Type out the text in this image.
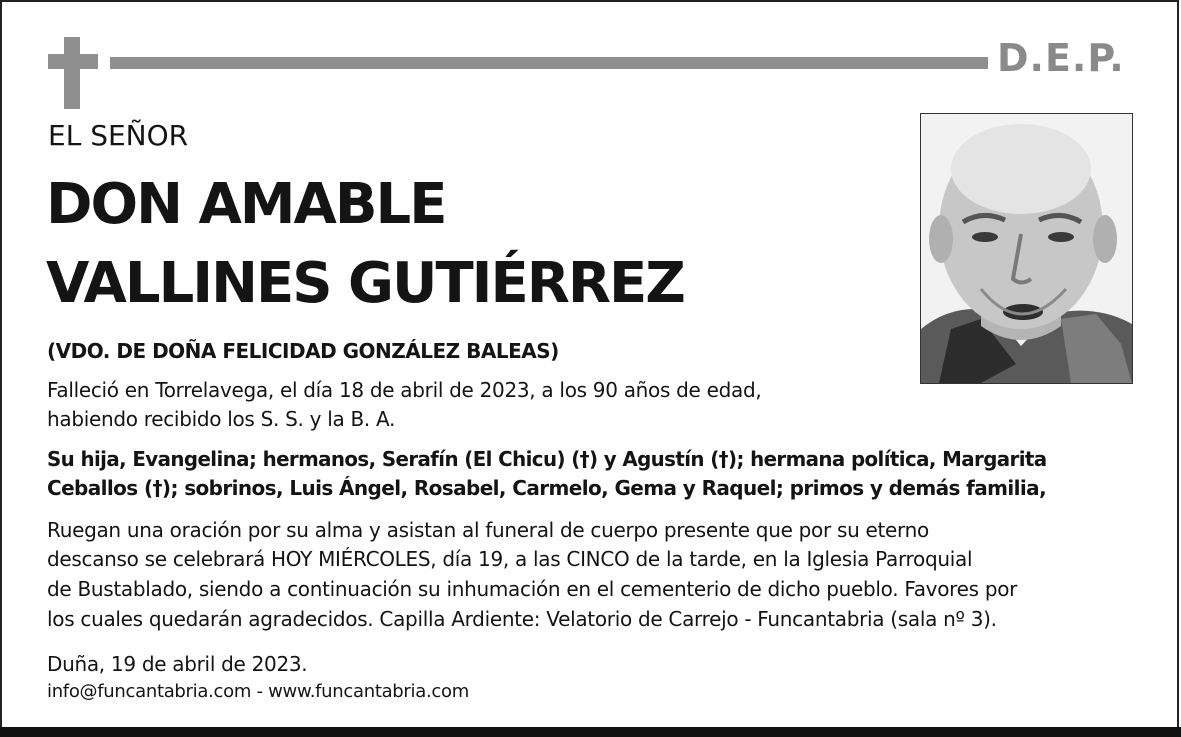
D.E.P.
EL SEÑOR
DON AMABLE
VALLINES GUTIÉRREZ
(VDO. DE DOÑA FELICIDAD GONZÁLEZ BALEAS)
Falleció en Torrelavega, el día 18 de abril de 2023, a los 90 años de edad,
habiendo recibido los S. S. y la B. A.
Su hija, Evangelina; hermanos, Serafín (El Chicu) (†) y Agustín (†); hermana política, Margarita
Ceballos (†); sobrinos, Luis Ángel, Rosabel, Carmelo, Gema y Raquel; primos y demás familia,
Ruegan una oración por su alma y asistan al funeral de cuerpo presente que por su eterno
descanso se celebrará HOY MIÉRCOLES, día 19, a las CINCO de la tarde, en la Iglesia Parroquial
de Bustablado, siendo a continuación su inhumación en el cementerio de dicho pueblo. Favores por
los cuales quedarán agradecidos. Capilla Ardiente: Velatorio de Carrejo - Funcantabria (sala nº 3).
Duña, 19 de abril de 2023.
info@funcantabria.com - www.funcantabria.com
